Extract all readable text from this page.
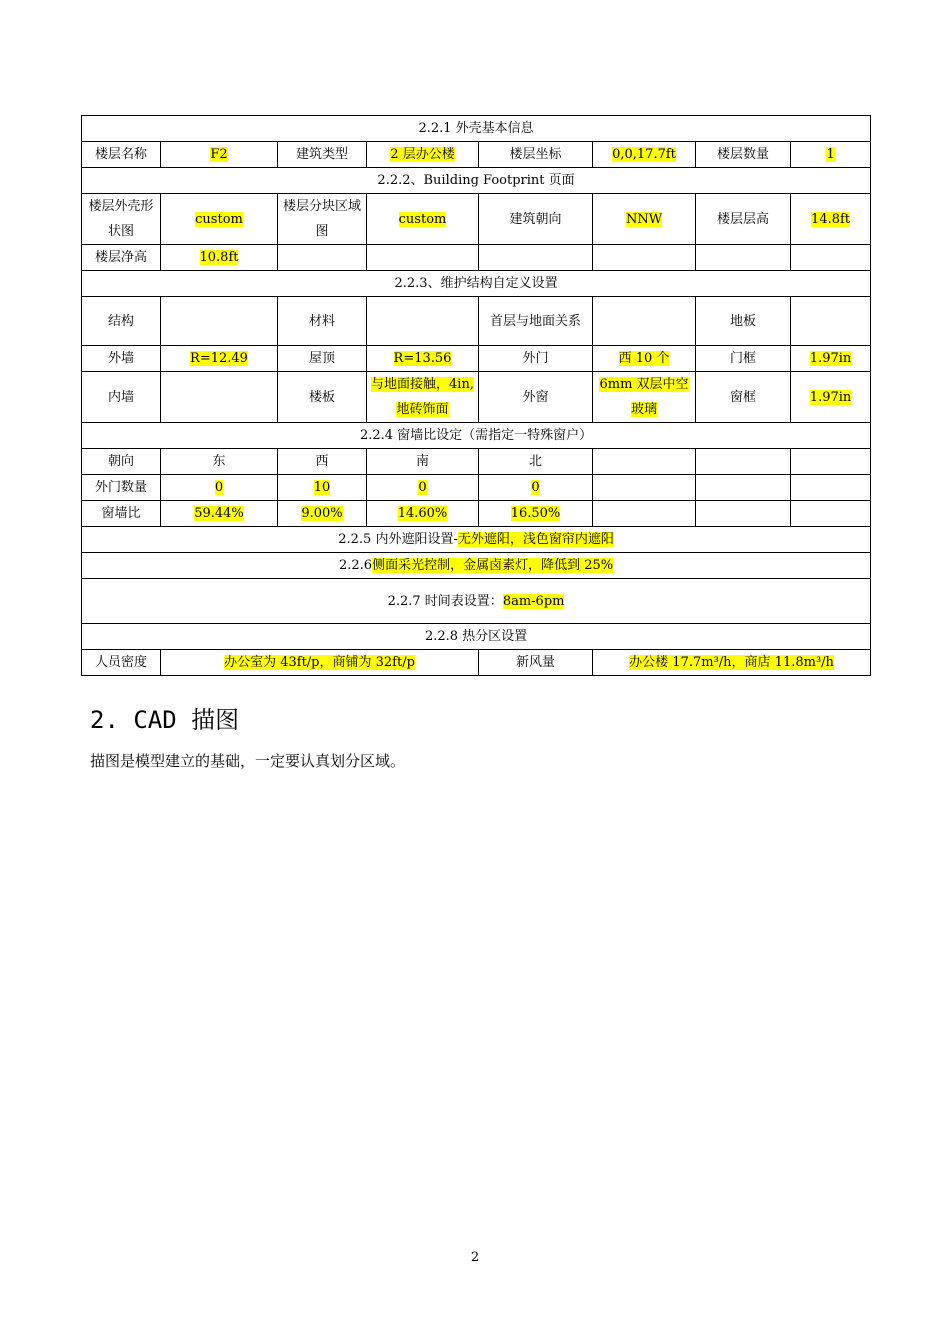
2.2.1 外壳基本信息							
楼层名称	F2	建筑类型	2 层办公楼	楼层坐标	0,0,17.7ft	楼层数量	1
2.2.2、Building Footprint 页面							
楼层外壳形状图	custom	楼层分块区域图	custom	建筑朝向	NNW	楼层层高	14.8ft
楼层净高	10.8ft						
2.2.3、维护结构自定义设置							
结构		材料		首层与地面关系		地板	
外墙	R=12.49	屋顶	R=13.56	外门	西 10 个	门框	1.97in
内墙		楼板	与地面接触，4in,地砖饰面	外窗	6mm 双层中空玻璃	窗框	1.97in
2.2.4 窗墙比设定（需指定一特殊窗户）							
朝向	东	西	南	北			
外门数量	0	10	0	0			
窗墙比	59.44%	9.00%	14.60%	16.50%			
2.2.5 内外遮阳设置-无外遮阳，浅色窗帘内遮阳							
2.2.6侧面采光控制，金属卤素灯，降低到 25%							
2.2.7 时间表设置：8am-6pm							
2.2.8 热分区设置							
人员密度	办公室为 43ft/p，商铺为 32ft/p			新风量	办公楼 17.7m³/h，商店 11.8m³/h		
2. CAD 描图

描图是模型建立的基础，一定要认真划分区域。

2
